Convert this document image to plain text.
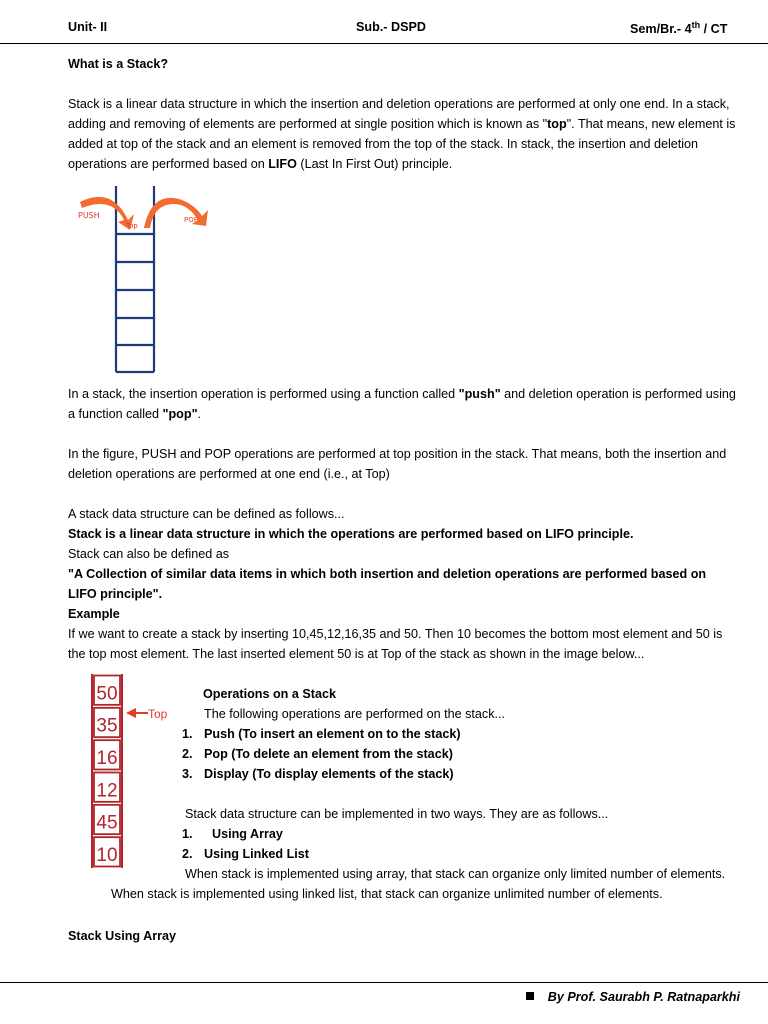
Unit- II	Sub.- DSPD	Sem/Br.- 4th / CT
What is a Stack?

Stack is a linear data structure in which the insertion and deletion operations are performed at only one end. In a stack, adding and removing of elements are performed at single position which is known as "top". That means, new element is added at top of the stack and an element is removed from the top of the stack. In stack, the insertion and deletion operations are performed based on LIFO (Last In First Out) principle.

PUSH	POP
Top

In a stack, the insertion operation is performed using a function called "push" and deletion operation is performed using a function called "pop".

In the figure, PUSH and POP operations are performed at top position in the stack. That means, both the insertion and deletion operations are performed at one end (i.e., at Top)

A stack data structure can be defined as follows...

Stack is a linear data structure in which the operations are performed based on LIFO principle.

Stack can also be defined as

"A Collection of similar data items in which both insertion and deletion operations are performed based on LIFO principle".

Example

If we want to create a stack by inserting 10,45,12,16,35 and 50. Then 10 becomes the bottom most element and 50 is the top most element. The last inserted element 50 is at Top of the stack as shown in the image below...

50
35
16
12
45
10
Top
Operations on a Stack
The following operations are performed on the stack...
1. Push (To insert an element on to the stack)
2. Pop (To delete an element from the stack)
3. Display (To display elements of the stack)
Stack data structure can be implemented in two ways. They are as follows...
1. Using Array
2. Using Linked List
When stack is implemented using array, that stack can organize only limited number of elements.
When stack is implemented using linked list, that stack can organize unlimited number of elements.
Stack Using Array
By Prof. Saurabh P. Ratnaparkhi
